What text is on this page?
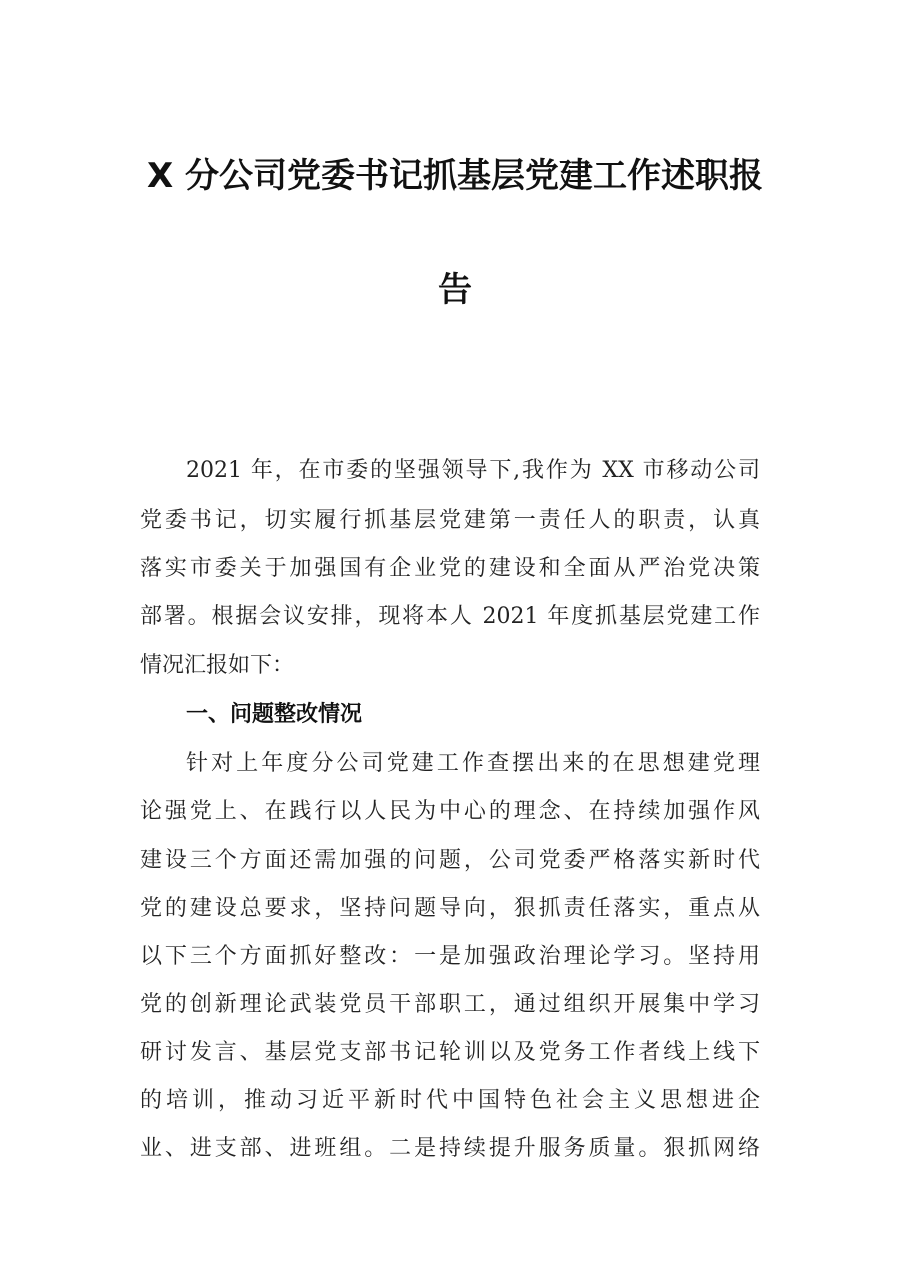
X 分公司党委书记抓基层党建工作述职报
告
2021 年，在市委的坚强领导下,我作为 XX 市移动公司
党委书记，切实履行抓基层党建第一责任人的职责，认真
落实市委关于加强国有企业党的建设和全面从严治党决策
部署。根据会议安排，现将本人 2021 年度抓基层党建工作
情况汇报如下：
一、问题整改情况
针对上年度分公司党建工作查摆出来的在思想建党理
论强党上、在践行以人民为中心的理念、在持续加强作风
建设三个方面还需加强的问题，公司党委严格落实新时代
党的建设总要求，坚持问题导向，狠抓责任落实，重点从
以下三个方面抓好整改：一是加强政治理论学习。坚持用
党的创新理论武装党员干部职工，通过组织开展集中学习
研讨发言、基层党支部书记轮训以及党务工作者线上线下
的培训，推动习近平新时代中国特色社会主义思想进企
业、进支部、进班组。二是持续提升服务质量。狠抓网络
